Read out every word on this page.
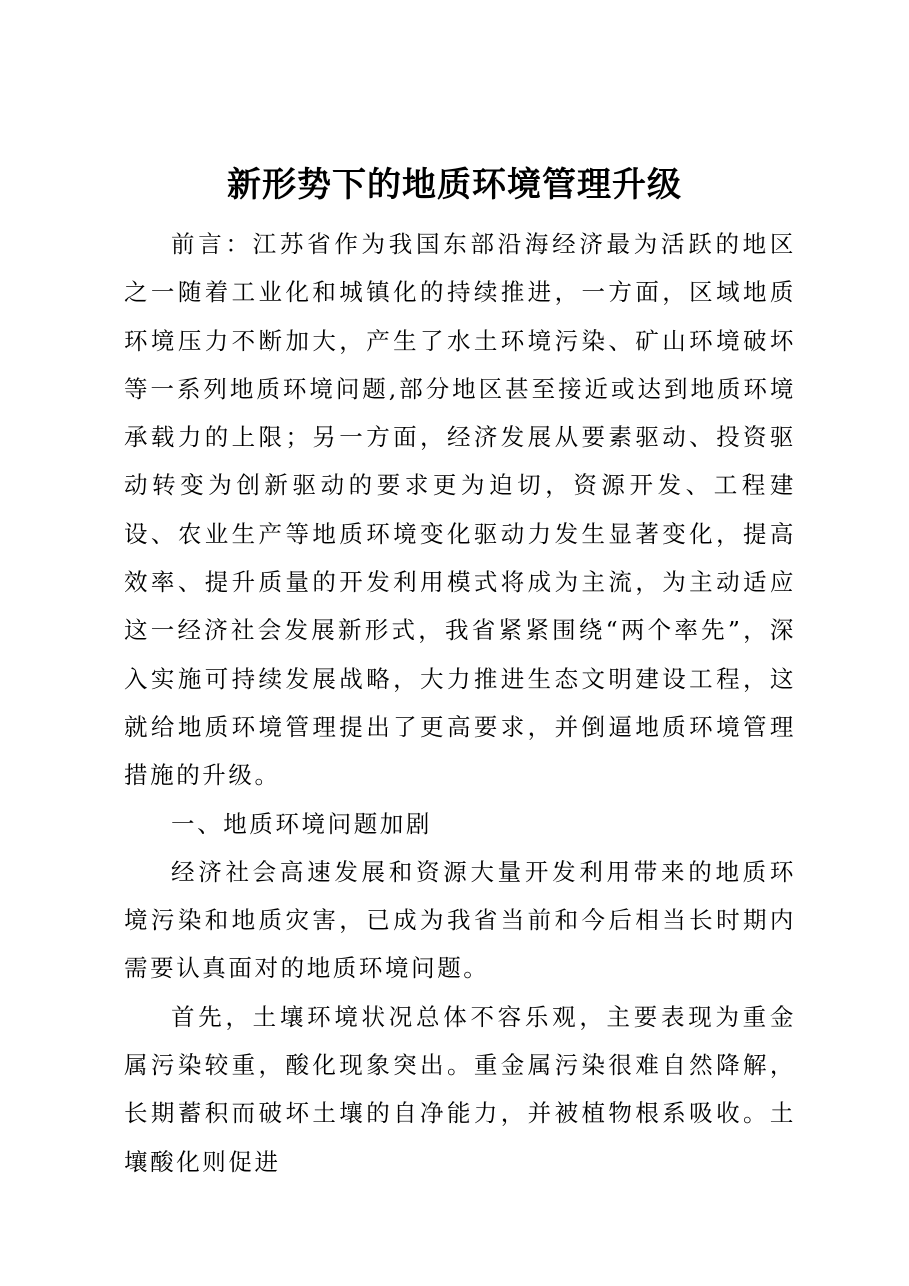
新形势下的地质环境管理升级

前言：江苏省作为我国东部沿海经济最为活跃的地区之一随着工业化和城镇化的持续推进，一方面，区域地质环境压力不断加大，产生了水土环境污染、矿山环境破坏等一系列地质环境问题,部分地区甚至接近或达到地质环境承载力的上限；另一方面，经济发展从要素驱动、投资驱动转变为创新驱动的要求更为迫切，资源开发、工程建设、农业生产等地质环境变化驱动力发生显著变化，提高效率、提升质量的开发利用模式将成为主流，为主动适应这一经济社会发展新形式，我省紧紧围绕“两个率先”，深入实施可持续发展战略，大力推进生态文明建设工程，这就给地质环境管理提出了更高要求，并倒逼地质环境管理措施的升级。

一、地质环境问题加剧

经济社会高速发展和资源大量开发利用带来的地质环境污染和地质灾害，已成为我省当前和今后相当长时期内需要认真面对的地质环境问题。

首先，土壤环境状况总体不容乐观，主要表现为重金属污染较重，酸化现象突出。重金属污染很难自然降解，长期蓄积而破坏土壤的自净能力，并被植物根系吸收。土壤酸化则促进
